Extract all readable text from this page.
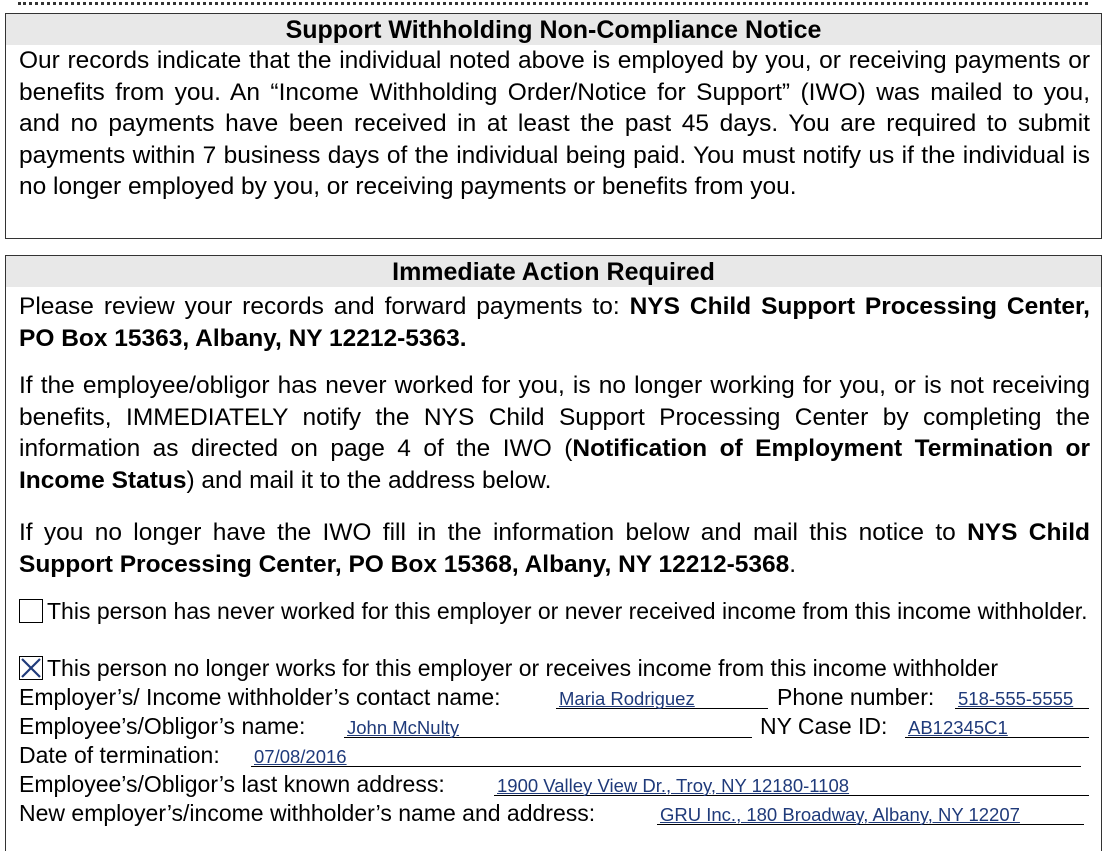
Support Withholding Non-Compliance Notice
Our records indicate that the individual noted above is employed by you, or receiving payments or benefits from you. An “Income Withholding Order/Notice for Support” (IWO) was mailed to you, and no payments have been received in at least the past 45 days. You are required to submit payments within 7 business days of the individual being paid. You must notify us if the individual is no longer employed by you, or receiving payments or benefits from you.
Immediate Action Required
Please review your records and forward payments to: NYS Child Support Processing Center, PO Box 15363, Albany, NY 12212-5363.
If the employee/obligor has never worked for you, is no longer working for you, or is not receiving benefits, IMMEDIATELY notify the NYS Child Support Processing Center by completing the information as directed on page 4 of the IWO (Notification of Employment Termination or Income Status) and mail it to the address below.
If you no longer have the IWO fill in the information below and mail this notice to NYS Child Support Processing Center, PO Box 15368, Albany, NY 12212-5368.
This person has never worked for this employer or never received income from this income withholder.
This person no longer works for this employer or receives income from this income withholder
Employer’s/ Income withholder’s contact name:	Maria Rodriguez	Phone number: 518-555-5555
Employee’s/Obligor’s name: John McNulty	NY Case ID: AB12345C1
Date of termination: 07/08/2016
Employee’s/Obligor’s last known address:	1900 Valley View Dr., Troy, NY 12180-1108
New employer’s/income withholder’s name and address:	GRU Inc., 180 Broadway, Albany, NY 12207
